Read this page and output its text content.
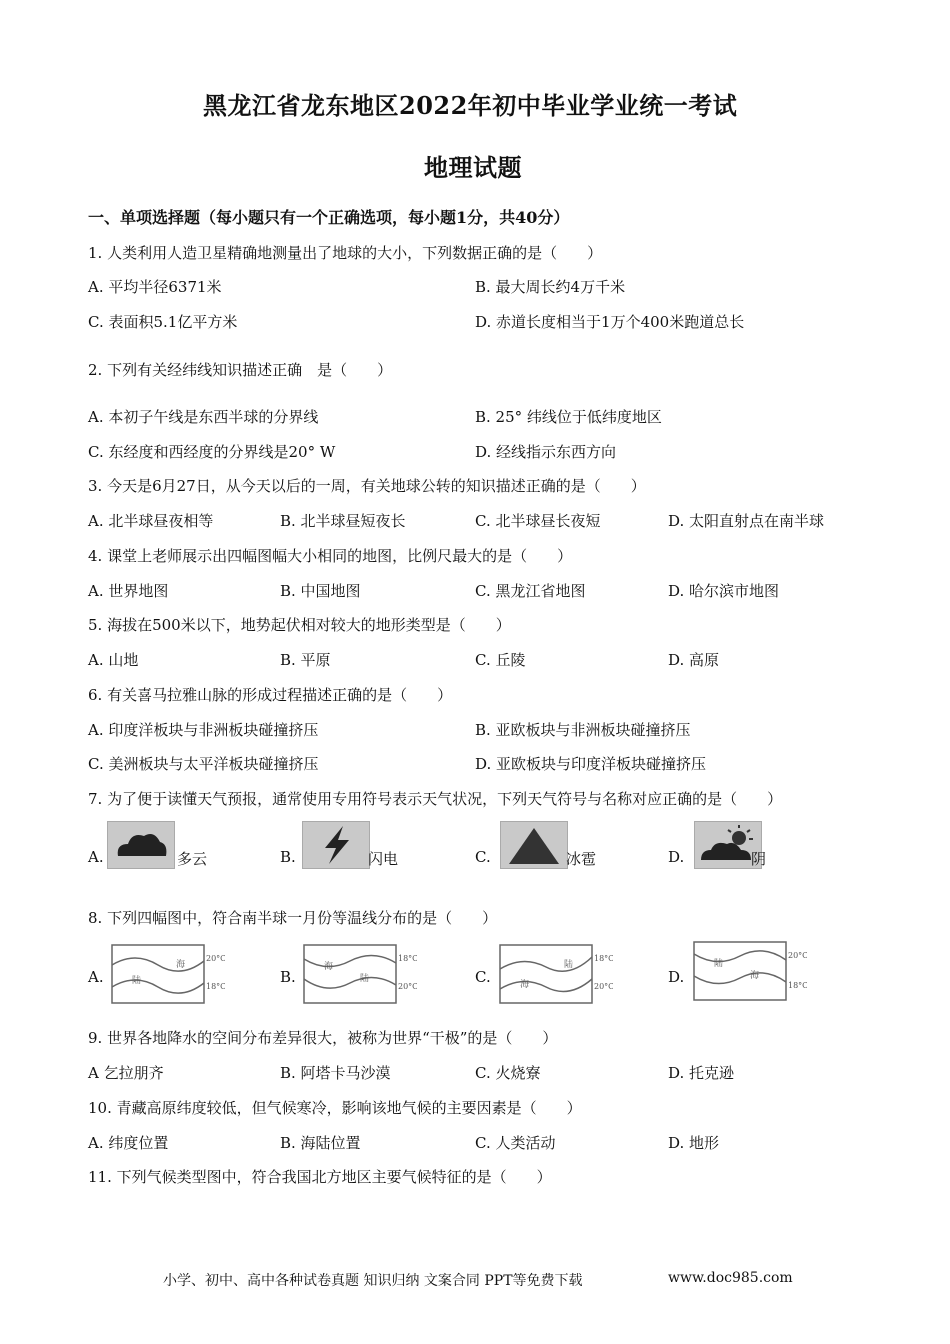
黑龙江省龙东地区2022年初中毕业学业统一考试
地理试题
一、单项选择题（每小题只有一个正确选项，每小题1分，共40分）
1. 人类利用人造卫星精确地测量出了地球的大小，下列数据正确的是（　　）
A. 平均半径6371米	B. 最大周长约4万千米
C. 表面积5.1亿平方米	D. 赤道长度相当于1万个400米跑道总长
2. 下列有关经纬线知识描述正确　是（　　）
A. 本初子午线是东西半球的分界线	B. 25° 纬线位于低纬度地区
C. 东经度和西经度的分界线是20° W	D. 经线指示东西方向
3. 今天是6月27日，从今天以后的一周，有关地球公转的知识描述正确的是（　　）
A. 北半球昼夜相等	B. 北半球昼短夜长	C. 北半球昼长夜短	D. 太阳直射点在南半球
4. 课堂上老师展示出四幅图幅大小相同的地图，比例尺最大的是（　　）
A. 世界地图	B. 中国地图	C. 黑龙江省地图	D. 哈尔滨市地图
5. 海拔在500米以下，地势起伏相对较大的地形类型是（　　）
A. 山地	B. 平原	C. 丘陵	D. 高原
6. 有关喜马拉雅山脉的形成过程描述正确的是（　　）
A. 印度洋板块与非洲板块碰撞挤压	B. 亚欧板块与非洲板块碰撞挤压
C. 美洲板块与太平洋板块碰撞挤压	D. 亚欧板块与印度洋板块碰撞挤压
7. 为了便于读懂天气预报，通常使用专用符号表示天气状况，下列天气符号与名称对应正确的是（　　）
A.	多云	B.	闪电	C.	冰雹	D.	阴
8. 下列四幅图中，符合南半球一月份等温线分布的是（　　）
A.
海
陆
20°C
18°C
B.
海
陆
18°C
20°C
C.
陆
海
18°C
20°C
D.
陆
海
20°C
18°C
9. 世界各地降水的空间分布差异很大，被称为世界“干极”的是（　　）
A 乞拉朋齐	B. 阿塔卡马沙漠	C. 火烧寮	D. 托克逊
10. 青藏高原纬度较低，但气候寒冷，影响该地气候的主要因素是（　　）
A. 纬度位置	B. 海陆位置	C. 人类活动	D. 地形
11. 下列气候类型图中，符合我国北方地区主要气候特征的是（　　）
小学、初中、高中各种试卷真题 知识归纳 文案合同 PPT等免费下载	www.doc985.com
